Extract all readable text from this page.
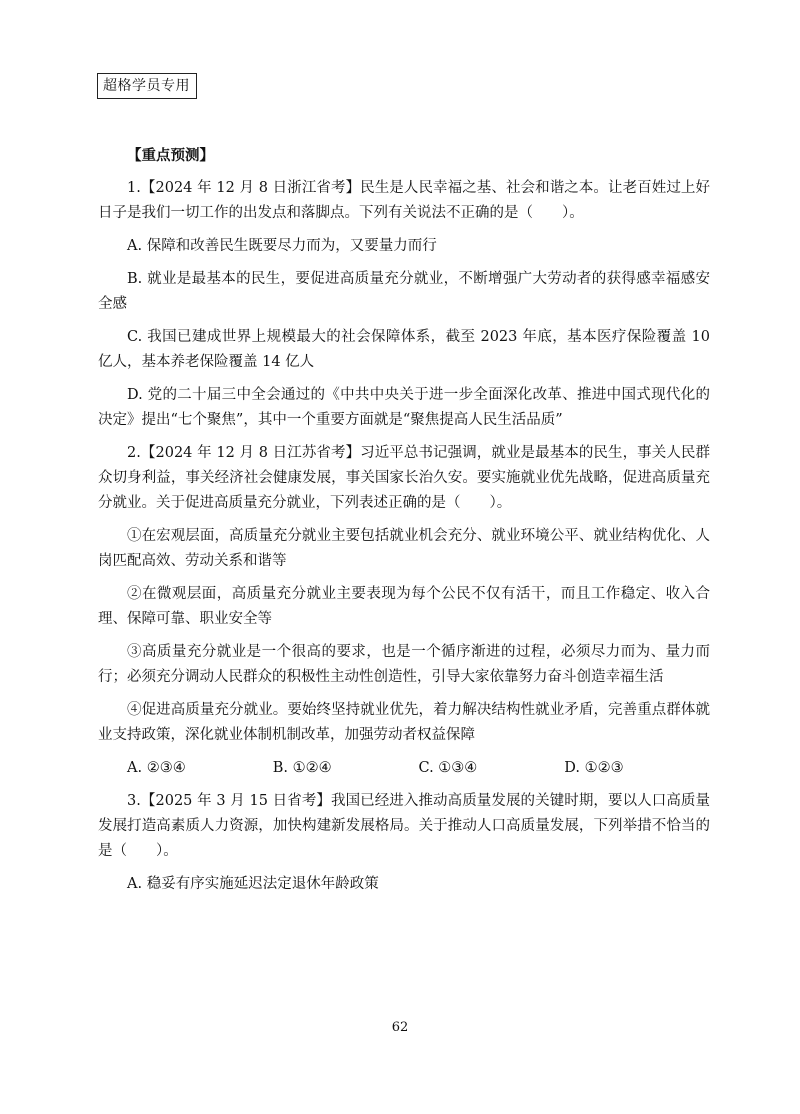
超格学员专用

【重点预测】

1.【2024 年 12 月 8 日浙江省考】民生是人民幸福之基、社会和谐之本。让老百姓过上好日子是我们一切工作的出发点和落脚点。下列有关说法不正确的是（　　）。

A. 保障和改善民生既要尽力而为，又要量力而行

B. 就业是最基本的民生，要促进高质量充分就业，不断增强广大劳动者的获得感幸福感安全感

C. 我国已建成世界上规模最大的社会保障体系，截至 2023 年底，基本医疗保险覆盖 10 亿人，基本养老保险覆盖 14 亿人

D. 党的二十届三中全会通过的《中共中央关于进一步全面深化改革、推进中国式现代化的决定》提出“七个聚焦”，其中一个重要方面就是“聚焦提高人民生活品质”

2.【2024 年 12 月 8 日江苏省考】习近平总书记强调，就业是最基本的民生，事关人民群众切身利益，事关经济社会健康发展，事关国家长治久安。要实施就业优先战略，促进高质量充分就业。关于促进高质量充分就业，下列表述正确的是（　　）。

①在宏观层面，高质量充分就业主要包括就业机会充分、就业环境公平、就业结构优化、人岗匹配高效、劳动关系和谐等

②在微观层面，高质量充分就业主要表现为每个公民不仅有活干，而且工作稳定、收入合理、保障可靠、职业安全等

③高质量充分就业是一个很高的要求，也是一个循序渐进的过程，必须尽力而为、量力而行；必须充分调动人民群众的积极性主动性创造性，引导大家依靠努力奋斗创造幸福生活

④促进高质量充分就业。要始终坚持就业优先，着力解决结构性就业矛盾，完善重点群体就业支持政策，深化就业体制机制改革，加强劳动者权益保障

A. ②③④	B. ①②④	C. ①③④	D. ①②③

3.【2025 年 3 月 15 日省考】我国已经进入推动高质量发展的关键时期，要以人口高质量发展打造高素质人力资源，加快构建新发展格局。关于推动人口高质量发展，下列举措不恰当的是（　　）。

A. 稳妥有序实施延迟法定退休年龄政策

62
